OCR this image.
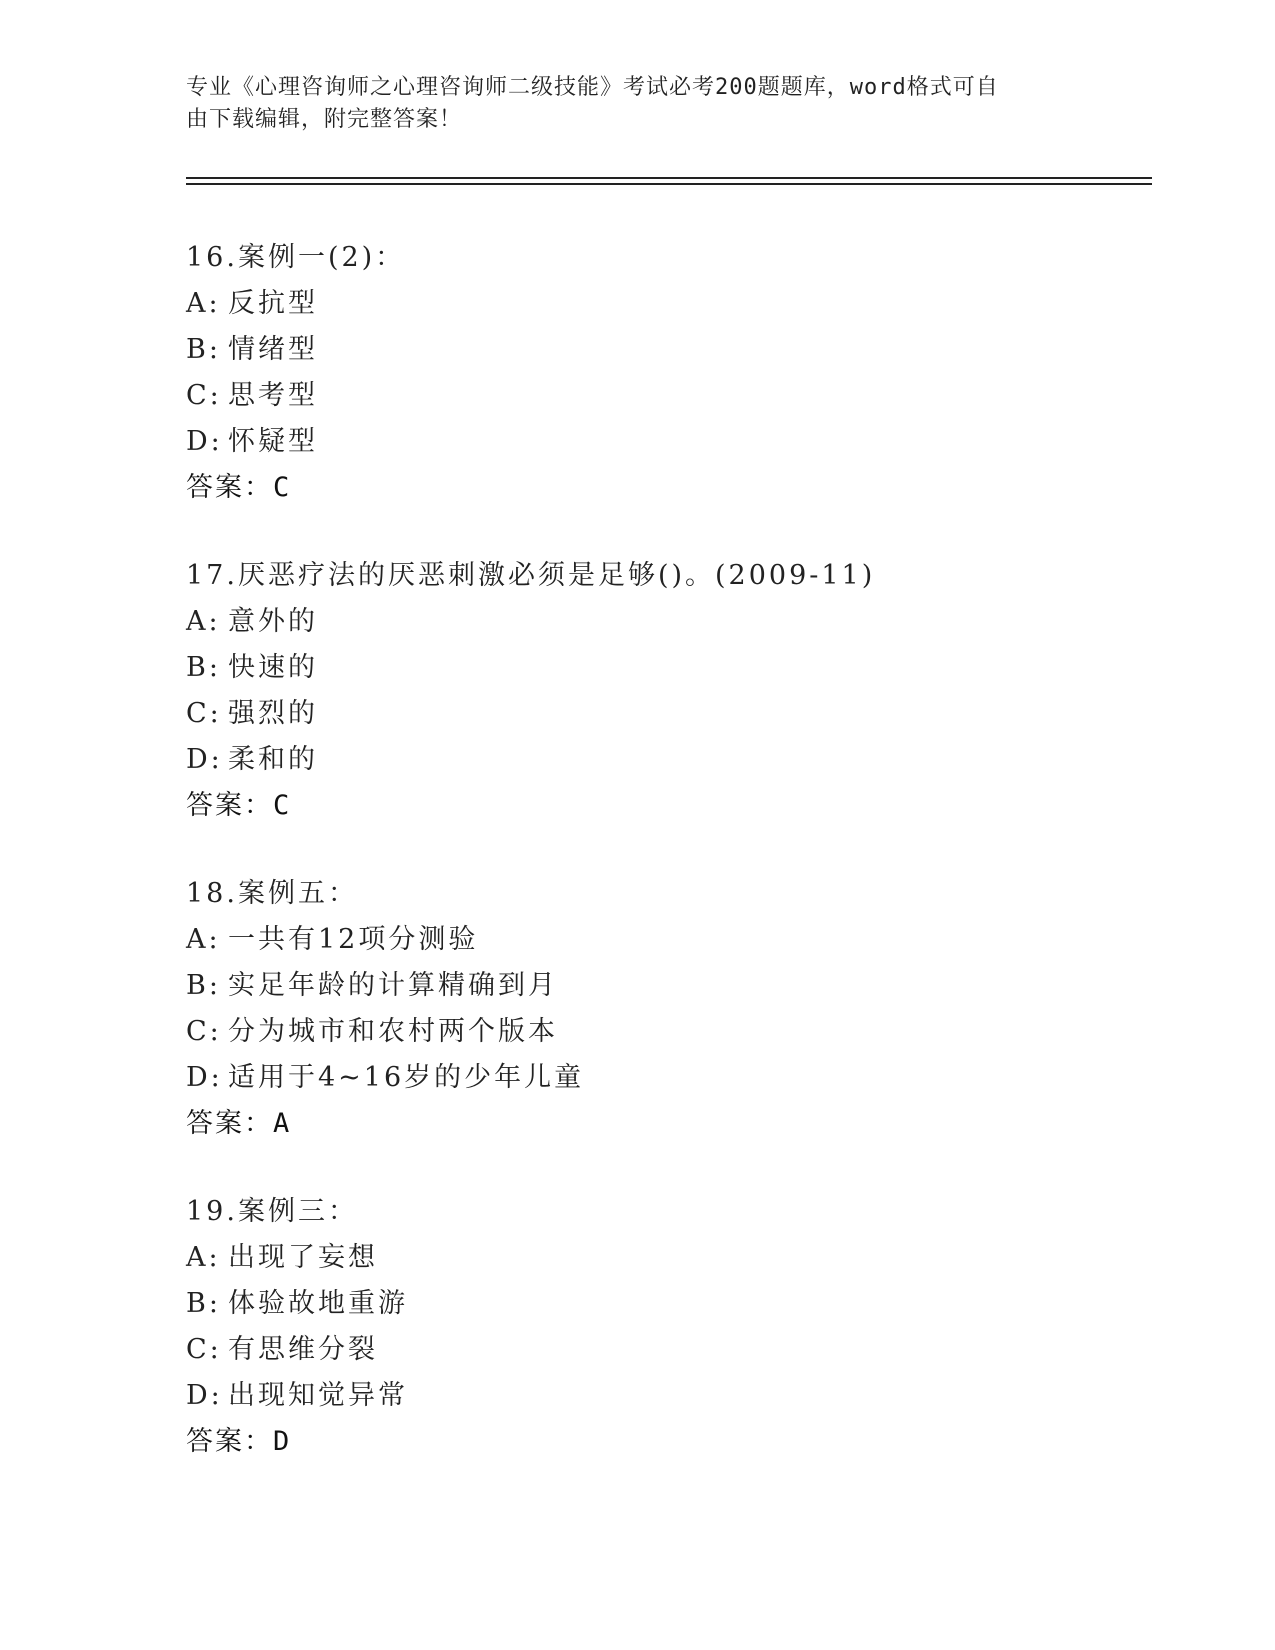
专业《心理咨询师之心理咨询师二级技能》考试必考200题题库，word格式可自
由下载编辑，附完整答案！
16.案例一(2)：
A: 反抗型
B: 情绪型
C: 思考型
D: 怀疑型
答案：C
17.厌恶疗法的厌恶刺激必须是足够()。(2009-11)
A: 意外的
B: 快速的
C: 强烈的
D: 柔和的
答案：C
18.案例五：
A: 一共有12项分测验
B: 实足年龄的计算精确到月
C: 分为城市和农村两个版本
D: 适用于4~16岁的少年儿童
答案：A
19.案例三：
A: 出现了妄想
B: 体验故地重游
C: 有思维分裂
D: 出现知觉异常
答案：D
